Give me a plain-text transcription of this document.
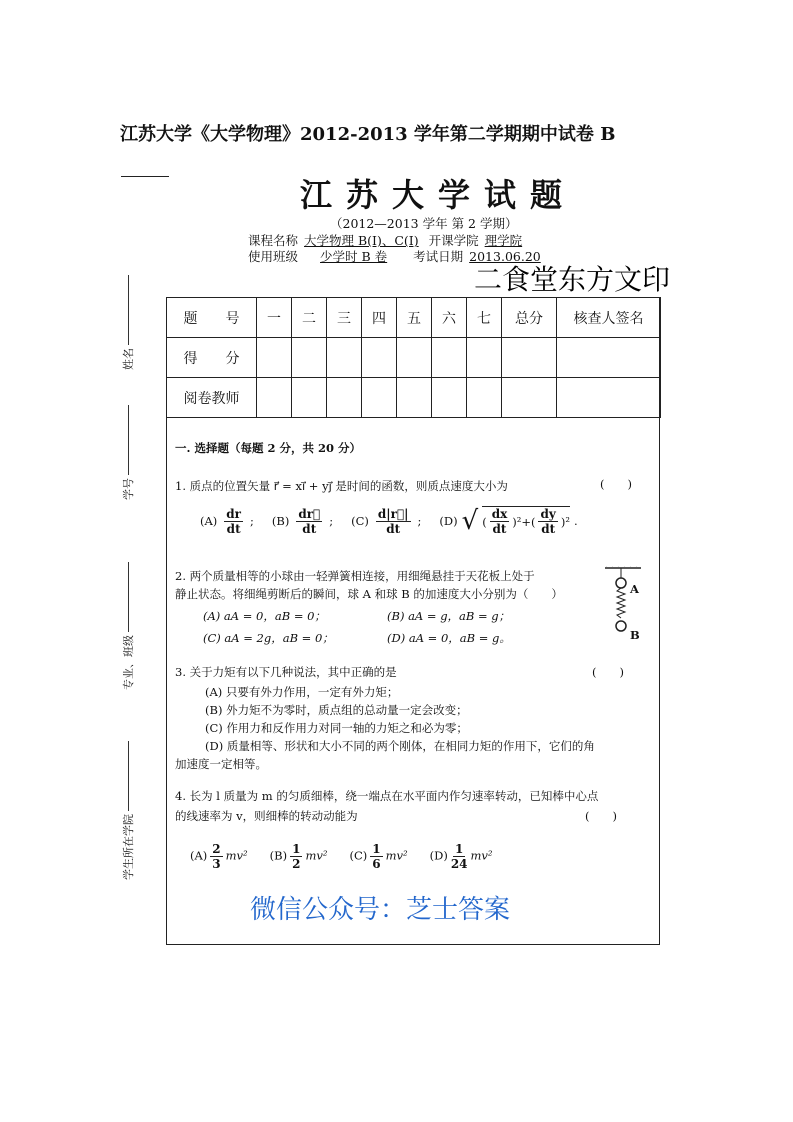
江苏大学《大学物理》2012-2013 学年第二学期期中试卷 B
江苏大学试题
（2012—2013 学年 第 2 学期）
课程名称 大学物理 B(I)、C(I) 开课学院 理学院
使用班级 少学时 B 卷 考试日期 2013.06.20
二食堂东方文印
姓名
学号
专业、班级
学生所在学院
题　　号	一	二	三	四	五	六	七	总分	核查人签名
得　　分									
阅卷教师									
一. 选择题（每题 2 分，共 20 分）
1. 质点的位置矢量 r⃗ = xi⃗ + yj⃗ 是时间的函数，则质点速度大小为	(　　)
$(A) \frac{dr}{dt}$ ; $(B) \frac{dr⃗}{dt}$ ; $(C) \frac{d|r⃗|}{dt}$ ; (D) √ ( $\frac{dx}{dt} )^2+( \frac{dy}{dt} )^2$ .
2. 两个质量相等的小球由一轻弹簧相连接，用细绳悬挂于天花板上处于
静止状态。将细绳剪断后的瞬间，球 A 和球 B 的加速度大小分别为（　　）
(A) aA = 0，aB = 0；	(B) aA = g，aB = g；
(C) aA = 2g，aB = 0；	(D) aA = 0，aB = g。
A
B
3. 关于力矩有以下几种说法，其中正确的是	(　　)
(A) 只要有外力作用，一定有外力矩；
(B) 外力矩不为零时，质点组的总动量一定会改变；
(C) 作用力和反作用力对同一轴的力矩之和必为零；
(D) 质量相等、形状和大小不同的两个刚体，在相同力矩的作用下，它们的角
加速度一定相等。
4. 长为 l 质量为 m 的匀质细棒，绕一端点在水平面内作匀速率转动，已知棒中心点
的线速率为 v，则细棒的转动动能为	(　　)
$(A) \frac{2}{3} mv^2$ $(B) \frac{1}{2} mv^2$ $(C) \frac{1}{6} mv^2$ $(D) \frac{1}{24} mv^2$
微信公众号：芝士答案
